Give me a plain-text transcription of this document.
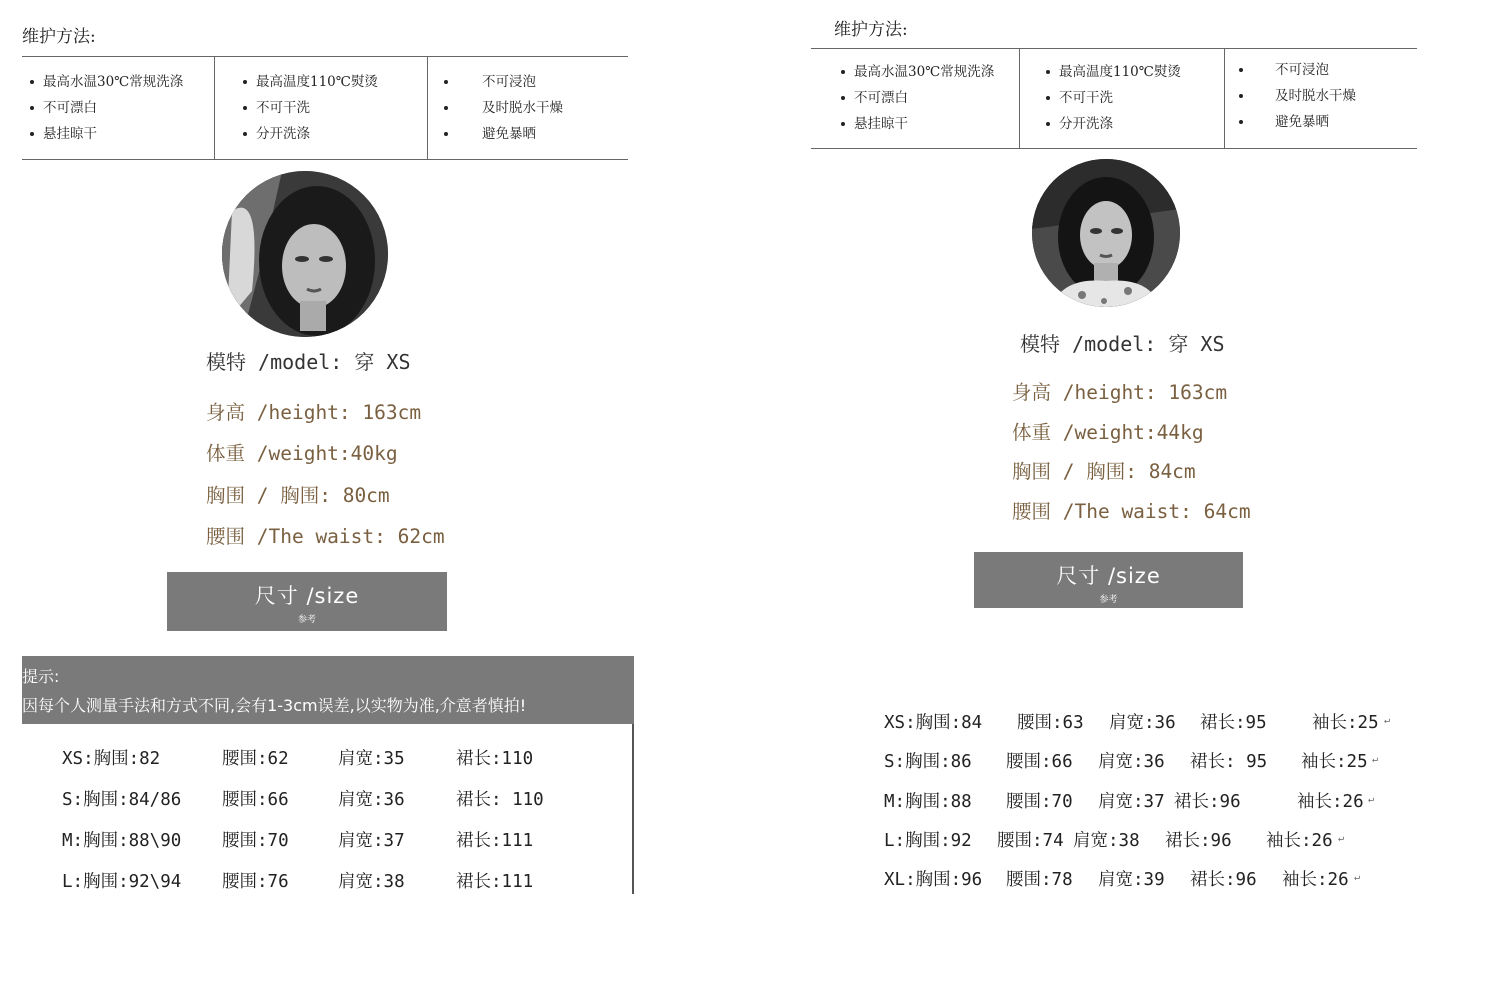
维护方法:
最高水温30℃常规洗涤
不可漂白
悬挂晾干
最高温度110℃熨烫
不可干洗
分开洗涤
不可浸泡
及时脱水干燥
避免暴晒
模特 /model: 穿 XS
身高 /height: 163cm
体重 /weight:40kg
胸围 / 胸围: 80cm
腰围 /The waist: 62cm
尺寸 /size
参考
提示:
因每个人测量手法和方式不同,会有1-3cm误差,以实物为准,介意者慎拍!
XS:胸围:82	腰围:62	肩宽:35	裙长:110
S:胸围:84/86 腰围:66	肩宽:36	裙长: 110
M:胸围:88\90 腰围:70	肩宽:37	裙长:111
L:胸围:92\94 腰围:76	肩宽:38	裙长:111
维护方法:
最高水温30℃常规洗涤
不可漂白
悬挂晾干
最高温度110℃熨烫
不可干洗
分开洗涤
不可浸泡
及时脱水干燥
避免暴晒
模特 /model: 穿 XS
身高 /height: 163cm
体重 /weight:44kg
胸围 / 胸围: 84cm
腰围 /The waist: 64cm
尺寸 /size
参考
XS:胸围:84 腰围:63 肩宽:36 裙长:95	袖长:25 ↵
S:胸围:86 腰围:66 肩宽:36 裙长: 95 袖长:25 ↵
M:胸围:88 腰围:70 肩宽:37 裙长:96	袖长:26 ↵
L:胸围:92 腰围:74 肩宽:38 裙长:96 袖长:26 ↵
XL:胸围:96 腰围:78 肩宽:39 裙长:96 袖长:26 ↵
